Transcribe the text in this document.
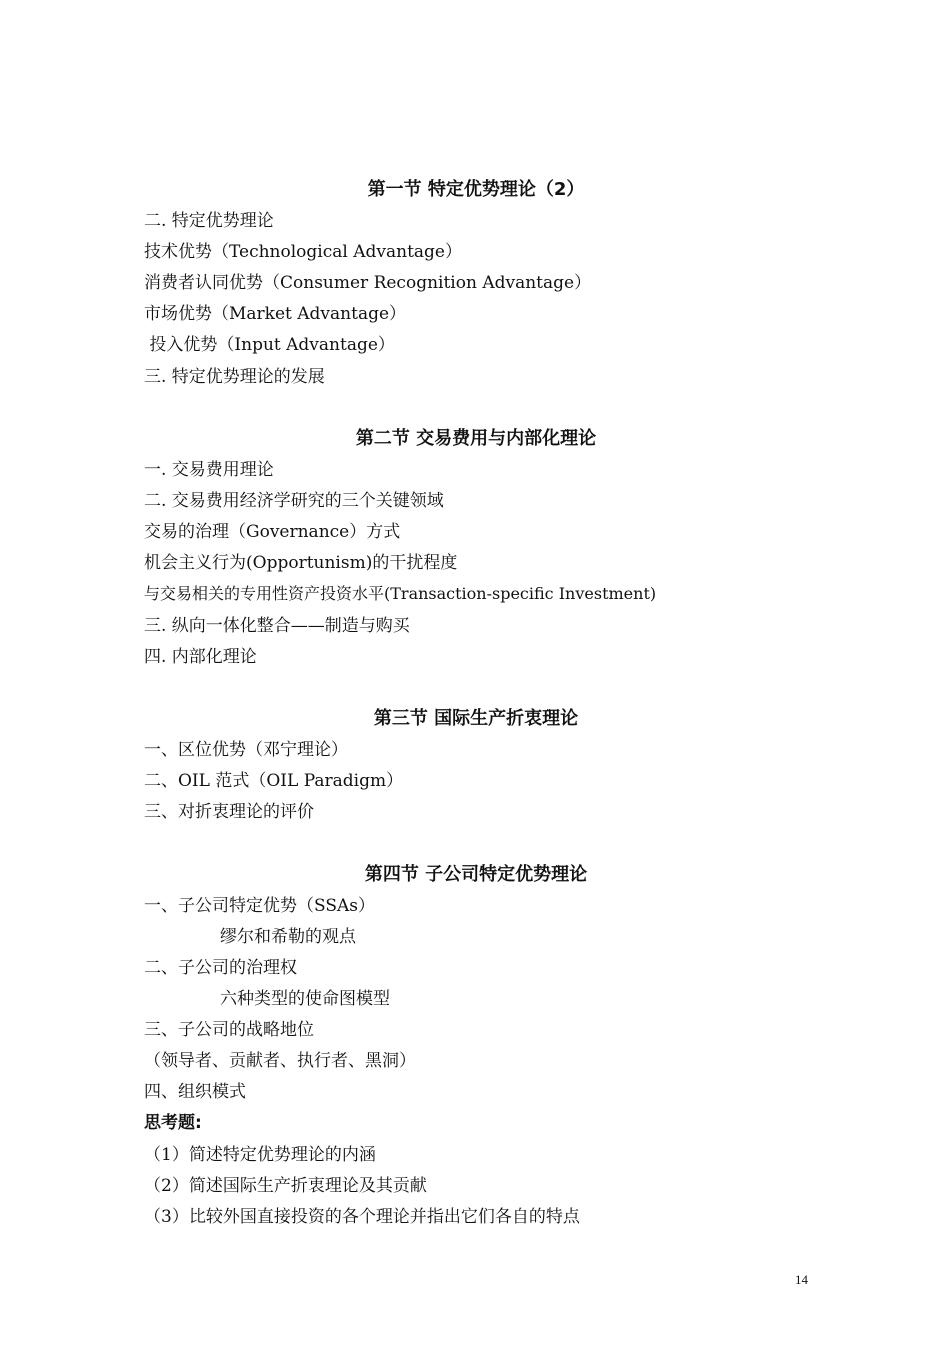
第一节 特定优势理论（2）
二. 特定优势理论
技术优势（Technological Advantage）
消费者认同优势（Consumer Recognition Advantage）
市场优势（Market Advantage）
投入优势（Input Advantage）
三. 特定优势理论的发展
第二节 交易费用与内部化理论
一. 交易费用理论
二. 交易费用经济学研究的三个关键领域
交易的治理（Governance）方式
机会主义行为(Opportunism)的干扰程度
与交易相关的专用性资产投资水平(Transaction-specific Investment)
三. 纵向一体化整合——制造与购买
四. 内部化理论
第三节 国际生产折衷理论
一、区位优势（邓宁理论）
二、OIL 范式（OIL Paradigm）
三、对折衷理论的评价
第四节 子公司特定优势理论
一、子公司特定优势（SSAs）
缪尔和希勒的观点
二、子公司的治理权
六种类型的使命图模型
三、子公司的战略地位
（领导者、贡献者、执行者、黑洞）
四、组织模式
思考题:
（1）简述特定优势理论的内涵
（2）简述国际生产折衷理论及其贡献
（3）比较外国直接投资的各个理论并指出它们各自的特点
14
